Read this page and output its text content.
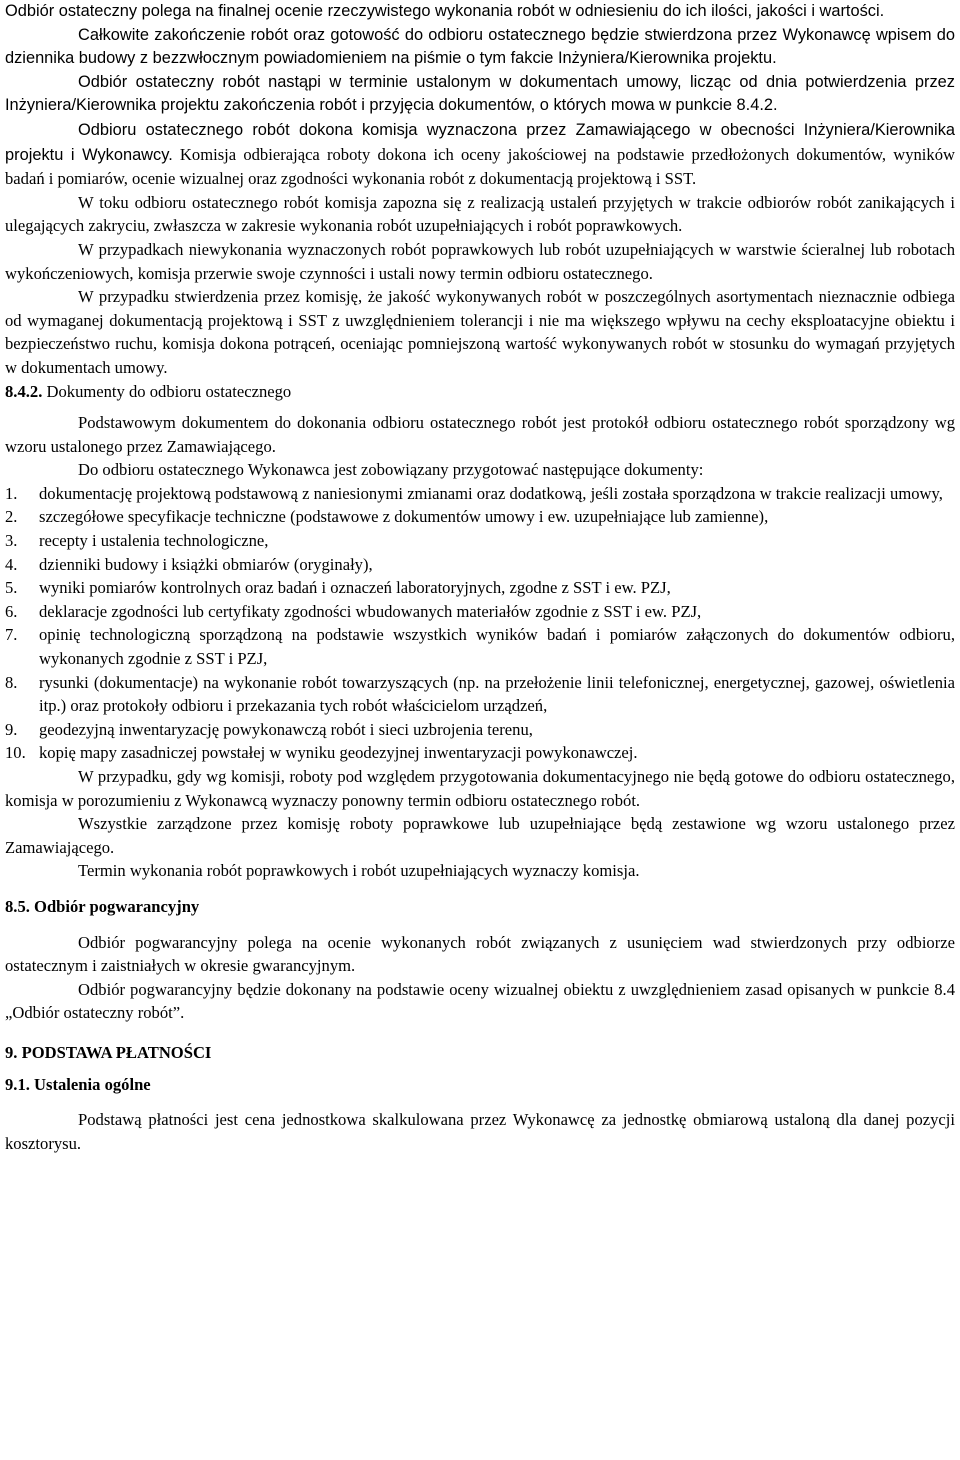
Odbiór ostateczny polega na finalnej ocenie rzeczywistego wykonania robót w odniesieniu do ich ilości, jakości i wartości.

Całkowite zakończenie robót oraz gotowość do odbioru ostatecznego będzie stwierdzona przez Wykonawcę wpisem do dziennika budowy z bezzwłocznym powiadomieniem na piśmie o tym fakcie Inżyniera/Kierownika projektu.

Odbiór ostateczny robót nastąpi w terminie ustalonym w dokumentach umowy, licząc od dnia potwierdzenia przez Inżyniera/Kierownika projektu zakończenia robót i przyjęcia dokumentów, o których mowa w punkcie 8.4.2.

Odbioru ostatecznego robót dokona komisja wyznaczona przez Zamawiającego w obecności Inżyniera/Kierownika projektu i Wykonawcy. Komisja odbierająca roboty dokona ich oceny jakościowej na podstawie przedłożonych dokumentów, wyników badań i pomiarów, ocenie wizualnej oraz zgodności wykonania robót z dokumentacją projektową i SST.

W toku odbioru ostatecznego robót komisja zapozna się z realizacją ustaleń przyjętych w trakcie odbiorów robót zanikających i ulegających zakryciu, zwłaszcza w zakresie wykonania robót uzupełniających i robót poprawkowych.

W przypadkach niewykonania wyznaczonych robót poprawkowych lub robót uzupełniających w warstwie ścieralnej lub robotach wykończeniowych, komisja przerwie swoje czynności i ustali nowy termin odbioru ostatecznego.

W przypadku stwierdzenia przez komisję, że jakość wykonywanych robót w poszczególnych asortymentach nieznacznie odbiega od wymaganej dokumentacją projektową i SST z uwzględnieniem tolerancji i nie ma większego wpływu na cechy eksploatacyjne obiektu i bezpieczeństwo ruchu, komisja dokona potrąceń, oceniając pomniejszoną wartość wykonywanych robót w stosunku do wymagań przyjętych w dokumentach umowy.

8.4.2. Dokumenty do odbioru ostatecznego

Podstawowym dokumentem do dokonania odbioru ostatecznego robót jest protokół odbioru ostatecznego robót sporządzony wg wzoru ustalonego przez Zamawiającego.

Do odbioru ostatecznego Wykonawca jest zobowiązany przygotować następujące dokumenty:

1.	dokumentację projektową podstawową z naniesionymi zmianami oraz dodatkową, jeśli została sporządzona w trakcie realizacji umowy,
2.	szczegółowe specyfikacje techniczne (podstawowe z dokumentów umowy i ew. uzupełniające lub zamienne),
3.	recepty i ustalenia technologiczne,
4.	dzienniki budowy i książki obmiarów (oryginały),
5.	wyniki pomiarów kontrolnych oraz badań i oznaczeń laboratoryjnych, zgodne z SST i ew. PZJ,
6.	deklaracje zgodności lub certyfikaty zgodności wbudowanych materiałów zgodnie z SST i ew. PZJ,
7.	opinię technologiczną sporządzoną na podstawie wszystkich wyników badań i pomiarów załączonych do dokumentów odbioru, wykonanych zgodnie z SST i PZJ,
8.	rysunki (dokumentacje) na wykonanie robót towarzyszących (np. na przełożenie linii telefonicznej, energetycznej, gazowej, oświetlenia itp.) oraz protokoły odbioru i przekazania tych robót właścicielom urządzeń,
9.	geodezyjną inwentaryzację powykonawczą robót i sieci uzbrojenia terenu,
10. kopię mapy zasadniczej powstałej w wyniku geodezyjnej inwentaryzacji powykonawczej.

W przypadku, gdy wg komisji, roboty pod względem przygotowania dokumentacyjnego nie będą gotowe do odbioru ostatecznego, komisja w porozumieniu z Wykonawcą wyznaczy ponowny termin odbioru ostatecznego robót.

Wszystkie zarządzone przez komisję roboty poprawkowe lub uzupełniające będą zestawione wg wzoru ustalonego przez Zamawiającego.

Termin wykonania robót poprawkowych i robót uzupełniających wyznaczy komisja.

8.5. Odbiór pogwarancyjny

Odbiór pogwarancyjny polega na ocenie wykonanych robót związanych z usunięciem wad stwierdzonych przy odbiorze ostatecznym i zaistniałych w okresie gwarancyjnym.

Odbiór pogwarancyjny będzie dokonany na podstawie oceny wizualnej obiektu z uwzględnieniem zasad opisanych w punkcie 8.4 „Odbiór ostateczny robót”.

9. PODSTAWA PŁATNOŚCI

9.1. Ustalenia ogólne

Podstawą płatności jest cena jednostkowa skalkulowana przez Wykonawcę za jednostkę obmiarową ustaloną dla danej pozycji kosztorysu.
